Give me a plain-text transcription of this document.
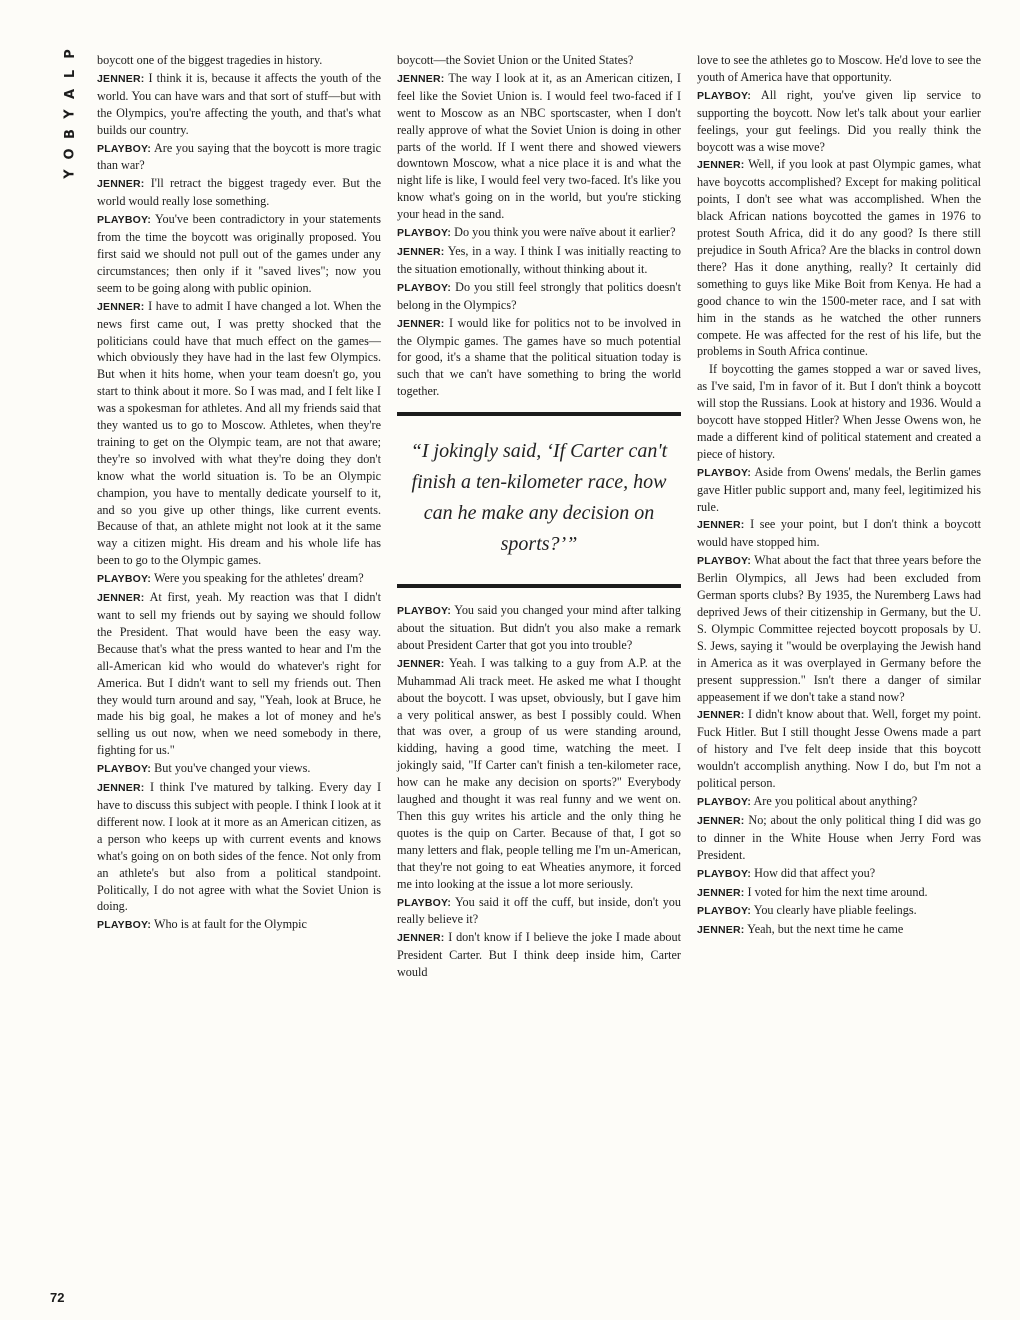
P
L
A
Y
B
O
Y
72

boycott one of the biggest tragedies in history.

JENNER: I think it is, because it affects the youth of the world. You can have wars and that sort of stuff—but with the Olympics, you're affecting the youth, and that's what builds our country.

PLAYBOY: Are you saying that the boycott is more tragic than war?

JENNER: I'll retract the biggest tragedy ever. But the world would really lose something.

PLAYBOY: You've been contradictory in your statements from the time the boycott was originally proposed. You first said we should not pull out of the games under any circumstances; then only if it "saved lives"; now you seem to be going along with public opinion.

JENNER: I have to admit I have changed a lot. When the news first came out, I was pretty shocked that the politicians could have that much effect on the games—which obviously they have had in the last few Olympics. But when it hits home, when your team doesn't go, you start to think about it more. So I was mad, and I felt like I was a spokesman for athletes. And all my friends said that they wanted us to go to Moscow. Athletes, when they're training to get on the Olympic team, are not that aware; they're so involved with what they're doing they don't know what the world situation is. To be an Olympic champion, you have to mentally dedicate yourself to it, and so you give up other things, like current events. Because of that, an athlete might not look at it the same way a citizen might. His dream and his whole life has been to go to the Olympic games.

PLAYBOY: Were you speaking for the athletes' dream?

JENNER: At first, yeah. My reaction was that I didn't want to sell my friends out by saying we should follow the President. That would have been the easy way. Because that's what the press wanted to hear and I'm the all-American kid who would do whatever's right for America. But I didn't want to sell my friends out. Then they would turn around and say, "Yeah, look at Bruce, he made his big goal, he makes a lot of money and he's selling us out now, when we need somebody in there, fighting for us."

PLAYBOY: But you've changed your views.

JENNER: I think I've matured by talking. Every day I have to discuss this subject with people. I think I look at it different now. I look at it more as an American citizen, as a person who keeps up with current events and knows what's going on on both sides of the fence. Not only from an athlete's but also from a political standpoint. Politically, I do not agree with what the Soviet Union is doing.

PLAYBOY: Who is at fault for the Olympic

boycott—the Soviet Union or the United States?

JENNER: The way I look at it, as an American citizen, I feel like the Soviet Union is. I would feel two-faced if I went to Moscow as an NBC sportscaster, when I don't really approve of what the Soviet Union is doing in other parts of the world. If I went there and showed viewers downtown Moscow, what a nice place it is and what the night life is like, I would feel very two-faced. It's like you know what's going on in the world, but you're sticking your head in the sand.

PLAYBOY: Do you think you were naïve about it earlier?

JENNER: Yes, in a way. I think I was initially reacting to the situation emotionally, without thinking about it.

PLAYBOY: Do you still feel strongly that politics doesn't belong in the Olympics?

JENNER: I would like for politics not to be involved in the Olympic games. The games have so much potential for good, it's a shame that the political situation today is such that we can't have something to bring the world together.

“I jokingly said, ‘If Carter can't finish a ten-kilometer race, how can he make any decision on sports?’”

PLAYBOY: You said you changed your mind after talking about the situation. But didn't you also make a remark about President Carter that got you into trouble?

JENNER: Yeah. I was talking to a guy from A.P. at the Muhammad Ali track meet. He asked me what I thought about the boycott. I was upset, obviously, but I gave him a very political answer, as best I possibly could. When that was over, a group of us were standing around, kidding, having a good time, watching the meet. I jokingly said, "If Carter can't finish a ten-kilometer race, how can he make any decision on sports?" Everybody laughed and thought it was real funny and we went on. Then this guy writes his article and the only thing he quotes is the quip on Carter. Because of that, I got so many letters and flak, people telling me I'm un-American, that they're not going to eat Wheaties anymore, it forced me into looking at the issue a lot more seriously.

PLAYBOY: You said it off the cuff, but inside, don't you really believe it?

JENNER: I don't know if I believe the joke I made about President Carter. But I think deep inside him, Carter would

love to see the athletes go to Moscow. He'd love to see the youth of America have that opportunity.

PLAYBOY: All right, you've given lip service to supporting the boycott. Now let's talk about your earlier feelings, your gut feelings. Did you really think the boycott was a wise move?

JENNER: Well, if you look at past Olympic games, what have boycotts accomplished? Except for making political points, I don't see what was accomplished. When the black African nations boycotted the games in 1976 to protest South Africa, did it do any good? Is there still prejudice in South Africa? Are the blacks in control down there? Has it done anything, really? It certainly did something to guys like Mike Boit from Kenya. He had a good chance to win the 1500-meter race, and I sat with him in the stands as he watched the other runners compete. He was affected for the rest of his life, but the problems in South Africa continue.

If boycotting the games stopped a war or saved lives, as I've said, I'm in favor of it. But I don't think a boycott will stop the Russians. Look at history and 1936. Would a boycott have stopped Hitler? When Jesse Owens won, he made a different kind of political statement and created a piece of history.

PLAYBOY: Aside from Owens' medals, the Berlin games gave Hitler public support and, many feel, legitimized his rule.

JENNER: I see your point, but I don't think a boycott would have stopped him.

PLAYBOY: What about the fact that three years before the Berlin Olympics, all Jews had been excluded from German sports clubs? By 1935, the Nuremberg Laws had deprived Jews of their citizenship in Germany, but the U. S. Olympic Committee rejected boycott proposals by U. S. Jews, saying it "would be overplaying the Jewish hand in America as it was overplayed in Germany before the present suppression." Isn't there a danger of similar appeasement if we don't take a stand now?

JENNER: I didn't know about that. Well, forget my point. Fuck Hitler. But I still thought Jesse Owens made a part of history and I've felt deep inside that this boycott wouldn't accomplish anything. Now I do, but I'm not a political person.

PLAYBOY: Are you political about anything?

JENNER: No; about the only political thing I did was go to dinner in the White House when Jerry Ford was President.

PLAYBOY: How did that affect you?

JENNER: I voted for him the next time around.

PLAYBOY: You clearly have pliable feelings.

JENNER: Yeah, but the next time he came
